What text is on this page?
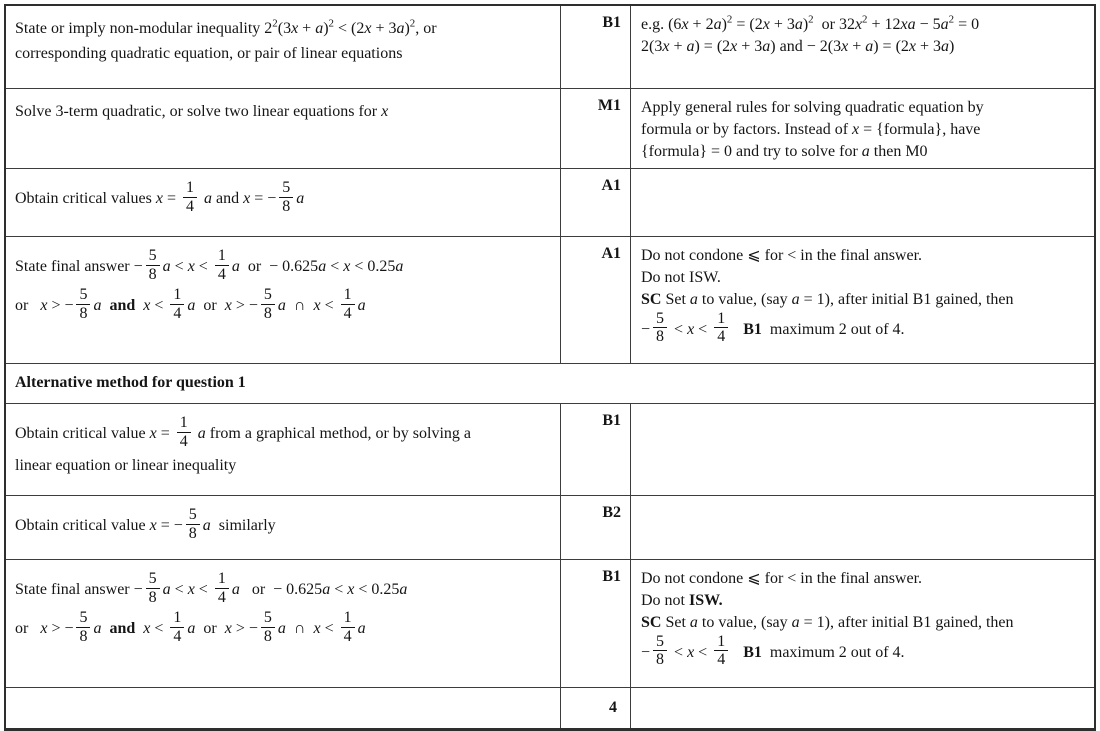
State or imply non-modular inequality $2^2(3x + a)^2 < (2x + 3a)^2$, or
corresponding quadratic equation, or pair of linear equations
B1 e.g. $(6x + 2a)^2 = (2x + 3a)^2$  or $32x^2 + 12xa - 5a^2 = 0$
2(3x + a) = (2x + 3a) and − 2(3x + a) = (2x + 3a)
Solve 3-term quadratic, or solve two linear equations for x	M1 Apply general rules for solving quadratic equation by
formula or by factors. Instead of x = {formula}, have
{formula} = 0 and try to solve for a then M0
Obtain critical values $x = \frac{1}{4}$ a and x = − $\frac{5}{8}$ a
A1
State final answer − $\frac{5}{8}$ $a < x < \frac{1}{4}$ a  or  − 0.625a < x < 0.25a
or   x > − $\frac{5}{8}$ a and $x < \frac{1}{4}$ a  or  x > − $\frac{5}{8}$ a  ∩  $x < \frac{1}{4}$ a
A1 Do not condone ⩽ for < in the final answer.
Do not ISW.
SC Set a to value, (say a = 1), after initial B1 gained, then
− $\frac{5}{8} < x < \frac{1}{4} B1$  maximum 2 out of 4.
Alternative method for question 1
Obtain critical value $x = \frac{1}{4}$ a from a graphical method, or by solving a
linear equation or linear inequality
B1
Obtain critical value x = − $\frac{5}{8}$ a  similarly
B2
State final answer − $\frac{5}{8}$ $a < x < \frac{1}{4}$ a   or  − 0.625a < x < 0.25a
or   x > − $\frac{5}{8}$ a and $x < \frac{1}{4}$ a  or  x > − $\frac{5}{8}$ a  ∩  $x < \frac{1}{4}$ a
B1 Do not condone ⩽ for < in the final answer.
Do not ISW.
SC Set a to value, (say a = 1), after initial B1 gained, then
− $\frac{5}{8} < x < \frac{1}{4} B1$  maximum 2 out of 4.
4
